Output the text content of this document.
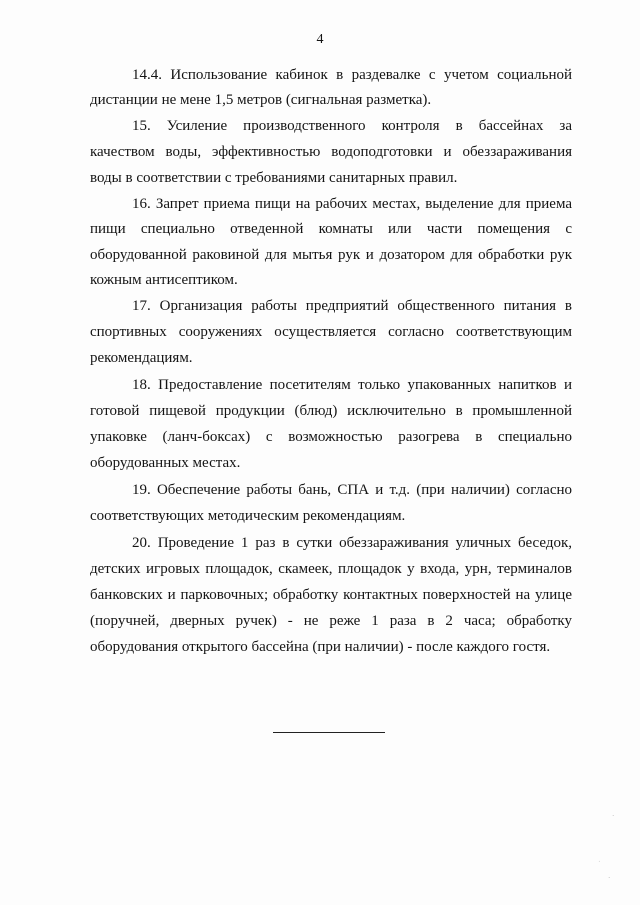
4
14.4. Использование кабинок в раздевалке с учетом социальной
дистанции не мене 1,5 метров (сигнальная разметка).
15. Усиление производственного контроля в бассейнах за
качеством воды, эффективностью водоподготовки и обеззараживания
воды в соответствии с требованиями санитарных правил.
16. Запрет приема пищи на рабочих местах, выделение для приема
пищи специально отведенной комнаты или части помещения с
оборудованной раковиной для мытья рук и дозатором для обработки рук
кожным антисептиком.
17. Организация работы предприятий общественного питания в
спортивных сооружениях осуществляется согласно соответствующим
рекомендациям.
18. Предоставление посетителям только упакованных напитков и
готовой пищевой продукции (блюд) исключительно в промышленной
упаковке (ланч-боксах) с возможностью разогрева в специально
оборудованных местах.
19. Обеспечение работы бань, СПА и т.д. (при наличии) согласно
соответствующих методическим рекомендациям.
20. Проведение 1 раз в сутки обеззараживания уличных беседок,
детских игровых площадок, скамеек, площадок у входа, урн, терминалов
банковских и парковочных; обработку контактных поверхностей на улице
(поручней, дверных ручек) - не реже 1 раза в 2 часа; обработку
оборудования открытого бассейна (при наличии) - после каждого гостя.
ˈ
·
·
